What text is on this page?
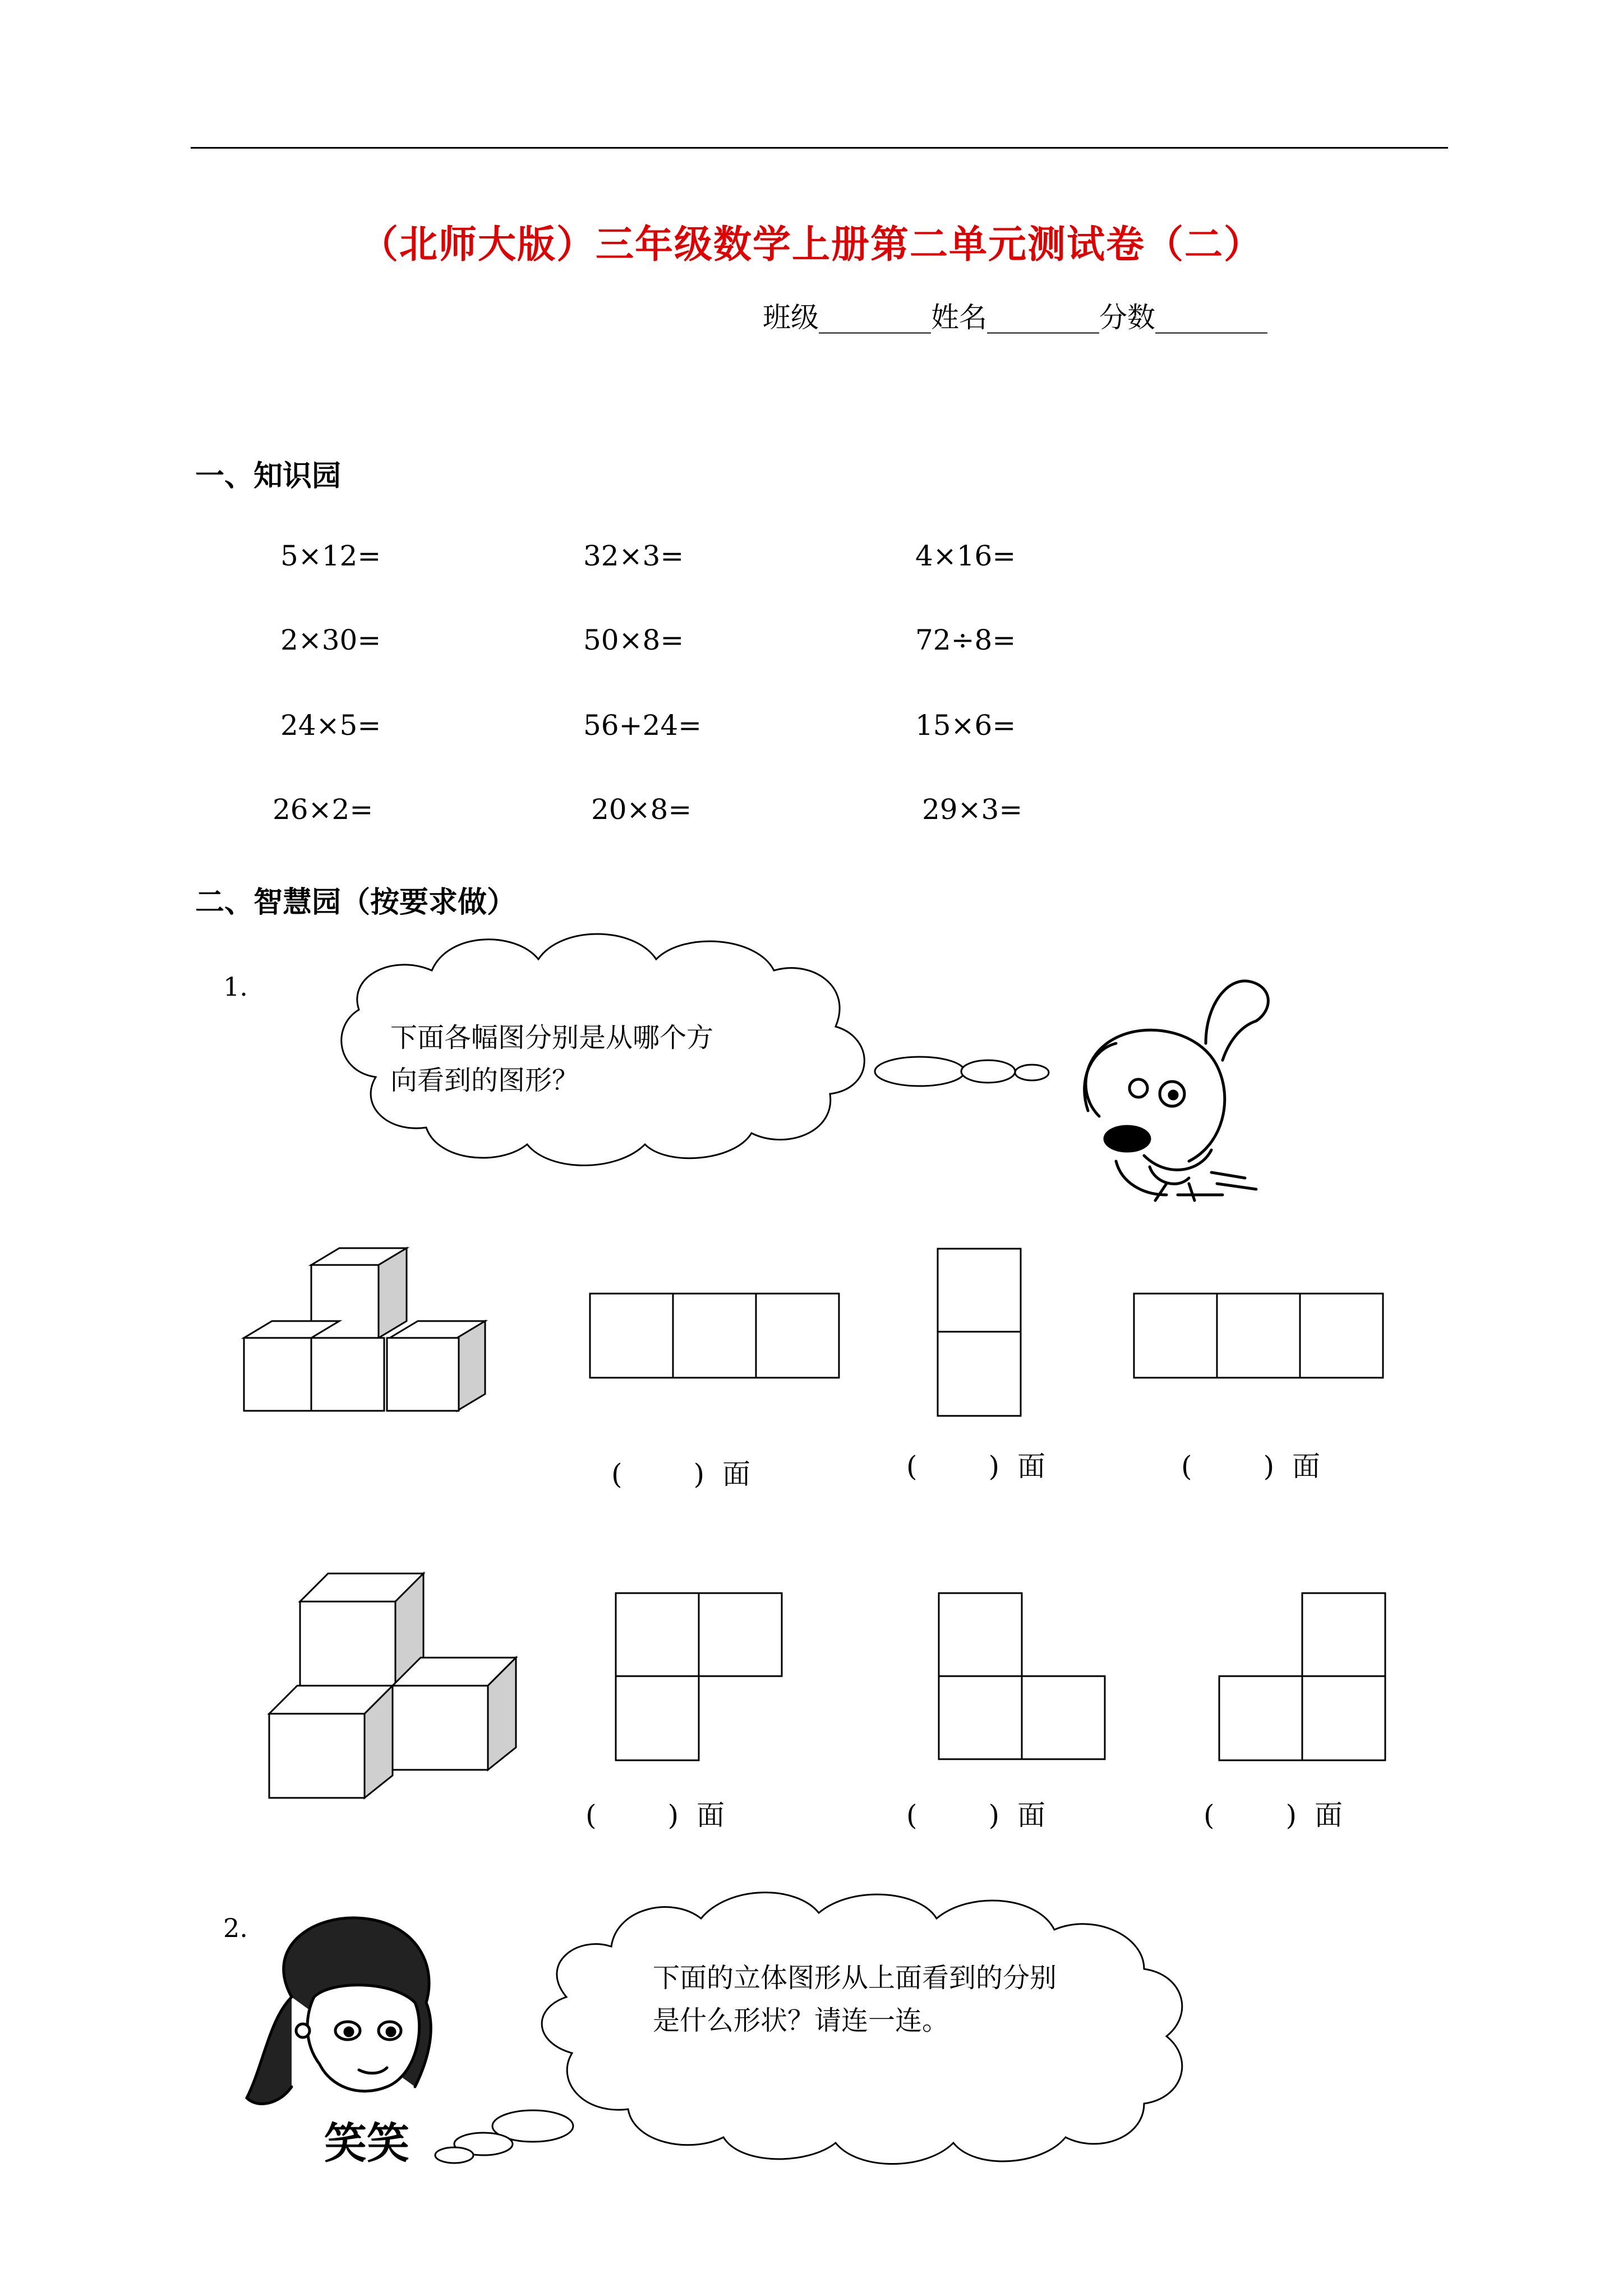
（北师大版）三年级数学上册第二单元测试卷（二）
班级________姓名________分数________
一、知识园
5×12=	32×3=	4×16=
2×30=	50×8=	72÷8=
24×5=	56+24=	15×6=
26×2=	20×8=	29×3=
二、智慧园（按要求做）
1.
2.
下面各幅图分别是从哪个方
向看到的图形？
下面的立体图形从上面看到的分别
是什么形状？请连一连。
笑笑
(        )  面	(        )  面	(        )  面
(        )  面	(        )  面	(        )  面
